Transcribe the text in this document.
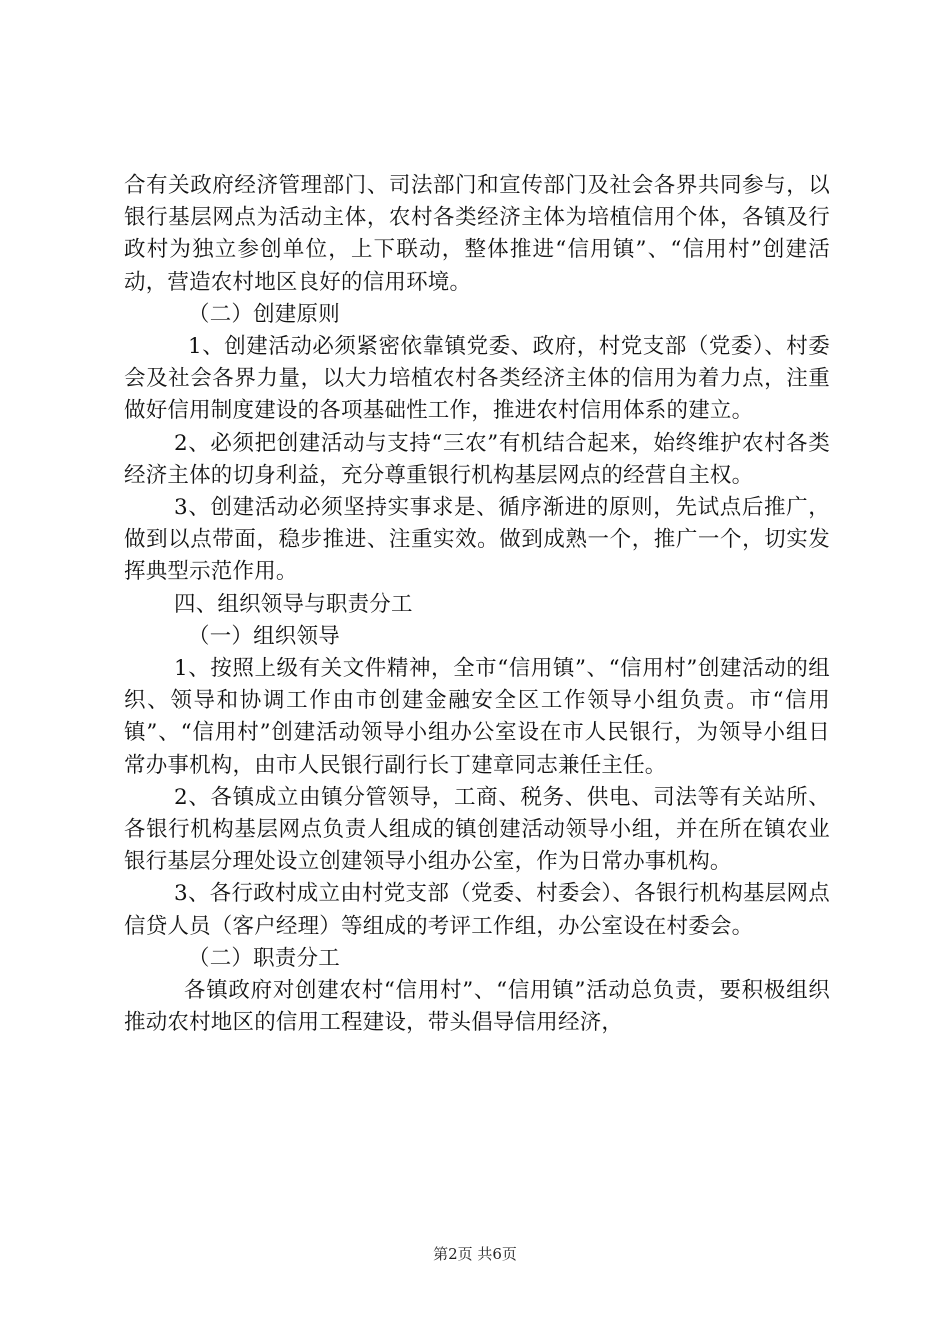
合有关政府经济管理部门、司法部门和宣传部门及社会各界共同参与，以银行基层网点为活动主体，农村各类经济主体为培植信用个体，各镇及行政村为独立参创单位，上下联动，整体推进“信用镇”、“信用村”创建活动，营造农村地区良好的信用环境。

（二）创建原则

1、创建活动必须紧密依靠镇党委、政府，村党支部（党委）、村委会及社会各界力量，以大力培植农村各类经济主体的信用为着力点，注重做好信用制度建设的各项基础性工作，推进农村信用体系的建立。

2、必须把创建活动与支持“三农”有机结合起来，始终维护农村各类经济主体的切身利益，充分尊重银行机构基层网点的经营自主权。

3、创建活动必须坚持实事求是、循序渐进的原则，先试点后推广，做到以点带面，稳步推进、注重实效。做到成熟一个，推广一个，切实发挥典型示范作用。

四、组织领导与职责分工

（一）组织领导

1、按照上级有关文件精神，全市“信用镇”、“信用村”创建活动的组织、领导和协调工作由市创建金融安全区工作领导小组负责。市“信用镇”、“信用村”创建活动领导小组办公室设在市人民银行，为领导小组日常办事机构，由市人民银行副行长丁建章同志兼任主任。

2、各镇成立由镇分管领导，工商、税务、供电、司法等有关站所、各银行机构基层网点负责人组成的镇创建活动领导小组，并在所在镇农业银行基层分理处设立创建领导小组办公室，作为日常办事机构。

3、各行政村成立由村党支部（党委、村委会）、各银行机构基层网点信贷人员（客户经理）等组成的考评工作组，办公室设在村委会。

（二）职责分工

各镇政府对创建农村“信用村”、“信用镇”活动总负责，要积极组织推动农村地区的信用工程建设，带头倡导信用经济，

第2页 共6页
